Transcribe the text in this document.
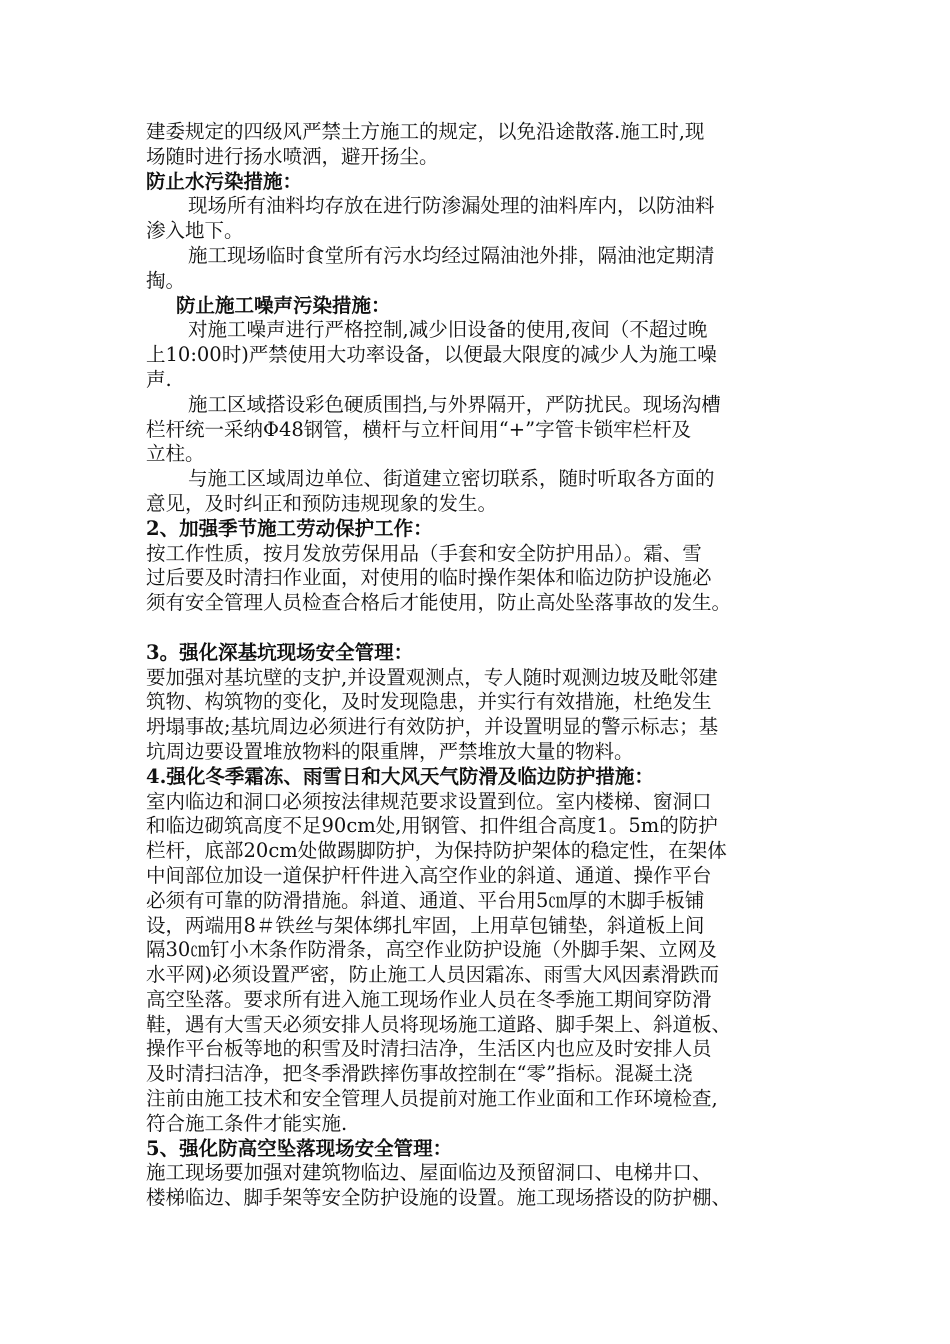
建委规定的四级风严禁土方施工的规定，以免沿途散落.施工时,现
场随时进行扬水喷洒，避开扬尘。
防止水污染措施：
现场所有油料均存放在进行防渗漏处理的油料库内，以防油料
渗入地下。
施工现场临时食堂所有污水均经过隔油池外排，隔油池定期清
掏。
防止施工噪声污染措施：
对施工噪声进行严格控制,减少旧设备的使用,夜间（不超过晚
上10:00时)严禁使用大功率设备，以便最大限度的减少人为施工噪
声.
施工区域搭设彩色硬质围挡,与外界隔开，严防扰民。现场沟槽
栏杆统一采纳Φ48钢管，横杆与立杆间用“+”字管卡锁牢栏杆及
立柱。
与施工区域周边单位、街道建立密切联系，随时听取各方面的
意见，及时纠正和预防违规现象的发生。
2、加强季节施工劳动保护工作：
按工作性质，按月发放劳保用品（手套和安全防护用品）。霜、雪
过后要及时清扫作业面，对使用的临时操作架体和临边防护设施必
须有安全管理人员检查合格后才能使用，防止高处坠落事故的发生。
3。强化深基坑现场安全管理：
要加强对基坑壁的支护,并设置观测点，专人随时观测边坡及毗邻建
筑物、构筑物的变化，及时发现隐患，并实行有效措施，杜绝发生
坍塌事故;基坑周边必须进行有效防护，并设置明显的警示标志；基
坑周边要设置堆放物料的限重牌，严禁堆放大量的物料。
4.强化冬季霜冻、雨雪日和大风天气防滑及临边防护措施：
室内临边和洞口必须按法律规范要求设置到位。室内楼梯、窗洞口
和临边砌筑高度不足90cm处,用钢管、扣件组合高度1。5m的防护
栏杆，底部20cm处做踢脚防护，为保持防护架体的稳定性，在架体
中间部位加设一道保护杆件进入高空作业的斜道、通道、操作平台
必须有可靠的防滑措施。斜道、通道、平台用5㎝厚的木脚手板铺
设，两端用8＃铁丝与架体绑扎牢固，上用草包铺垫，斜道板上间
隔30㎝钉小木条作防滑条，高空作业防护设施（外脚手架、立网及
水平网)必须设置严密，防止施工人员因霜冻、雨雪大风因素滑跌而
高空坠落。要求所有进入施工现场作业人员在冬季施工期间穿防滑
鞋，遇有大雪天必须安排人员将现场施工道路、脚手架上、斜道板、
操作平台板等地的积雪及时清扫洁净，生活区内也应及时安排人员
及时清扫洁净，把冬季滑跌摔伤事故控制在“零”指标。混凝土浇
注前由施工技术和安全管理人员提前对施工作业面和工作环境检查,
符合施工条件才能实施.
5、强化防高空坠落现场安全管理：
施工现场要加强对建筑物临边、屋面临边及预留洞口、电梯井口、
楼梯临边、脚手架等安全防护设施的设置。施工现场搭设的防护棚、
